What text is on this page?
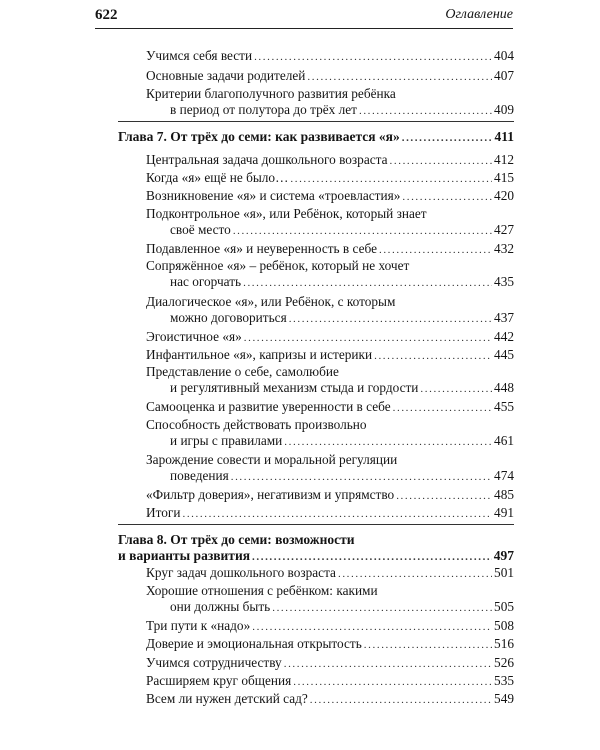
622	Оглавление
Учимся себя вести .....	404
Основные задачи родителей .....	407
Критерии благополучного развития ребёнка
в период от полутора до трёх лет .....	409
Глава 7. От трёх до семи: как развивается «я» .....	411
Центральная задача дошкольного возраста .....	412
Когда «я» ещё не было… .....	415
Возникновение «я» и система «троевластия» .....	420
Подконтрольное «я», или Ребёнок, который знает
своё место .....	427
Подавленное «я» и неуверенность в себе .....	432
Сопряжённое «я» – ребёнок, который не хочет
нас огорчать .....	435
Диалогическое «я», или Ребёнок, с которым
можно договориться .....	437
Эгоистичное «я» .....	442
Инфантильное «я», капризы и истерики .....	445
Представление о себе, самолюбие
и регулятивный механизм стыда и гордости .....	448
Самооценка и развитие уверенности в себе .....	455
Способность действовать произвольно
и игры с правилами .....	461
Зарождение совести и моральной регуляции
поведения .....	474
«Фильтр доверия», негативизм и упрямство .....	485
Итоги .....	491
Глава 8. От трёх до семи: возможности
и варианты развития .....	497
Круг задач дошкольного возраста .....	501
Хорошие отношения с ребёнком: какими
они должны быть .....	505
Три пути к «надо» .....	508
Доверие и эмоциональная открытость .....	516
Учимся сотрудничеству .....	526
Расширяем круг общения .....	535
Всем ли нужен детский сад? .....	549
